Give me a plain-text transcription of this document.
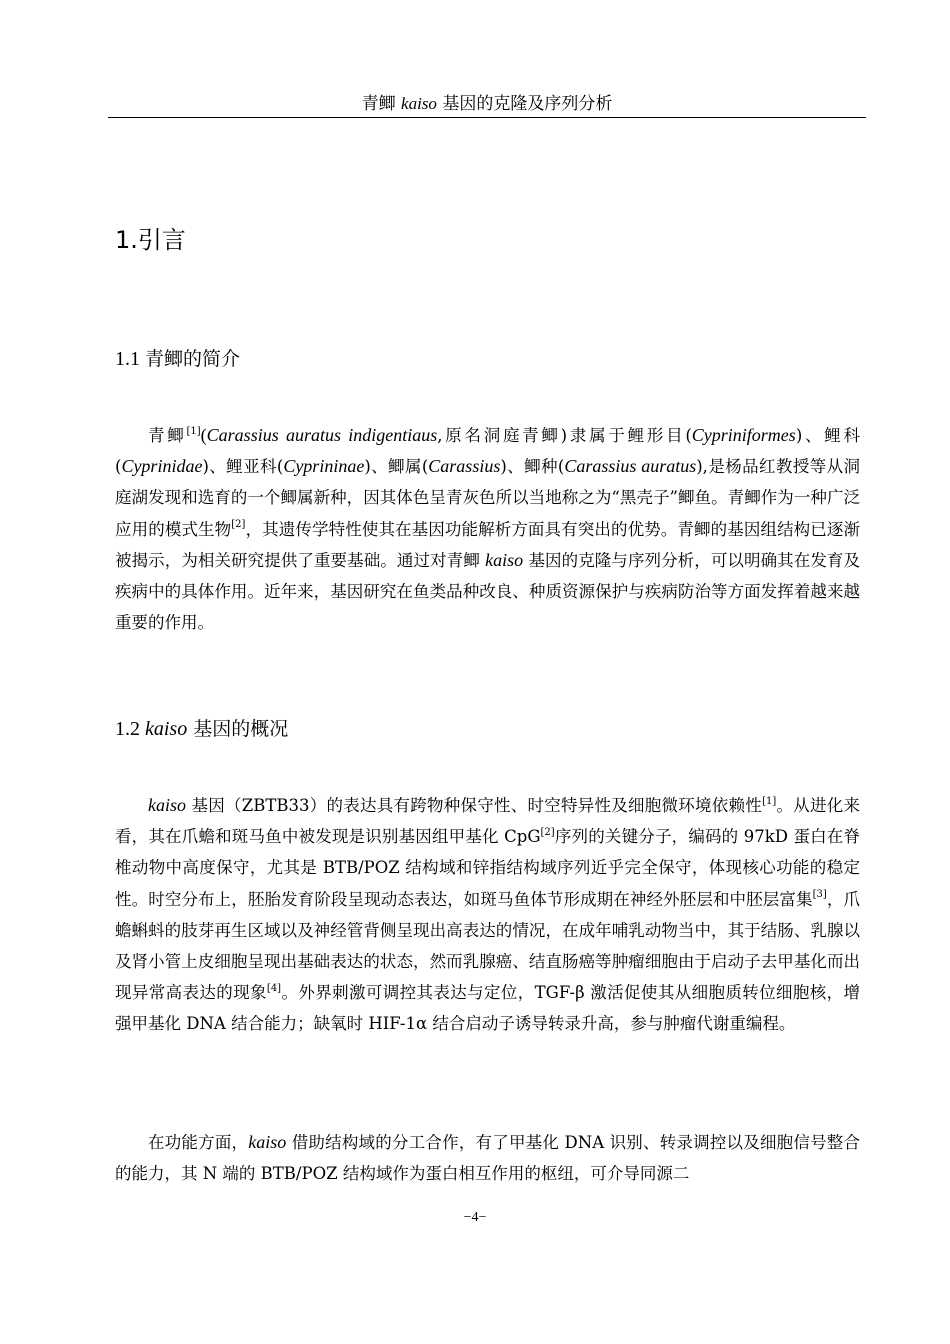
青鲫 kaiso 基因的克隆及序列分析
1.引言
1.1 青鲫的简介

青鲫[1](Carassius auratus indigentiaus,原名洞庭青鲫)隶属于鲤形目(Cypriniformes)、鲤科(Cyprinidae)、鲤亚科(Cyprininae)、鲫属(Carassius)、鲫种(Carassius auratus),是杨品红教授等从洞庭湖发现和选育的一个鲫属新种，因其体色呈青灰色所以当地称之为“黑壳子”鲫鱼。青鲫作为一种广泛应用的模式生物[2]，其遗传学特性使其在基因功能解析方面具有突出的优势。青鲫的基因组结构已逐渐被揭示，为相关研究提供了重要基础。通过对青鲫 kaiso 基因的克隆与序列分析，可以明确其在发育及疾病中的具体作用。近年来，基因研究在鱼类品种改良、种质资源保护与疾病防治等方面发挥着越来越重要的作用。

1.2 kaiso 基因的概况

kaiso 基因（ZBTB33）的表达具有跨物种保守性、时空特异性及细胞微环境依赖性[1]。从进化来看，其在爪蟾和斑马鱼中被发现是识别基因组甲基化 CpG[2]序列的关键分子，编码的 97kD 蛋白在脊椎动物中高度保守，尤其是 BTB/POZ 结构域和锌指结构域序列近乎完全保守，体现核心功能的稳定性。时空分布上，胚胎发育阶段呈现动态表达，如斑马鱼体节形成期在神经外胚层和中胚层富集[3]，爪蟾蝌蚪的肢芽再生区域以及神经管背侧呈现出高表达的情况，在成年哺乳动物当中，其于结肠、乳腺以及肾小管上皮细胞呈现出基础表达的状态，然而乳腺癌、结直肠癌等肿瘤细胞由于启动子去甲基化而出现异常高表达的现象[4]。外界刺激可调控其表达与定位，TGF-β 激活促使其从细胞质转位细胞核，增强甲基化 DNA 结合能力；缺氧时 HIF-1α 结合启动子诱导转录升高，参与肿瘤代谢重编程。

在功能方面，kaiso 借助结构域的分工合作，有了甲基化 DNA 识别、转录调控以及细胞信号整合的能力，其 N 端的 BTB/POZ 结构域作为蛋白相互作用的枢纽，可介导同源二

−4−
